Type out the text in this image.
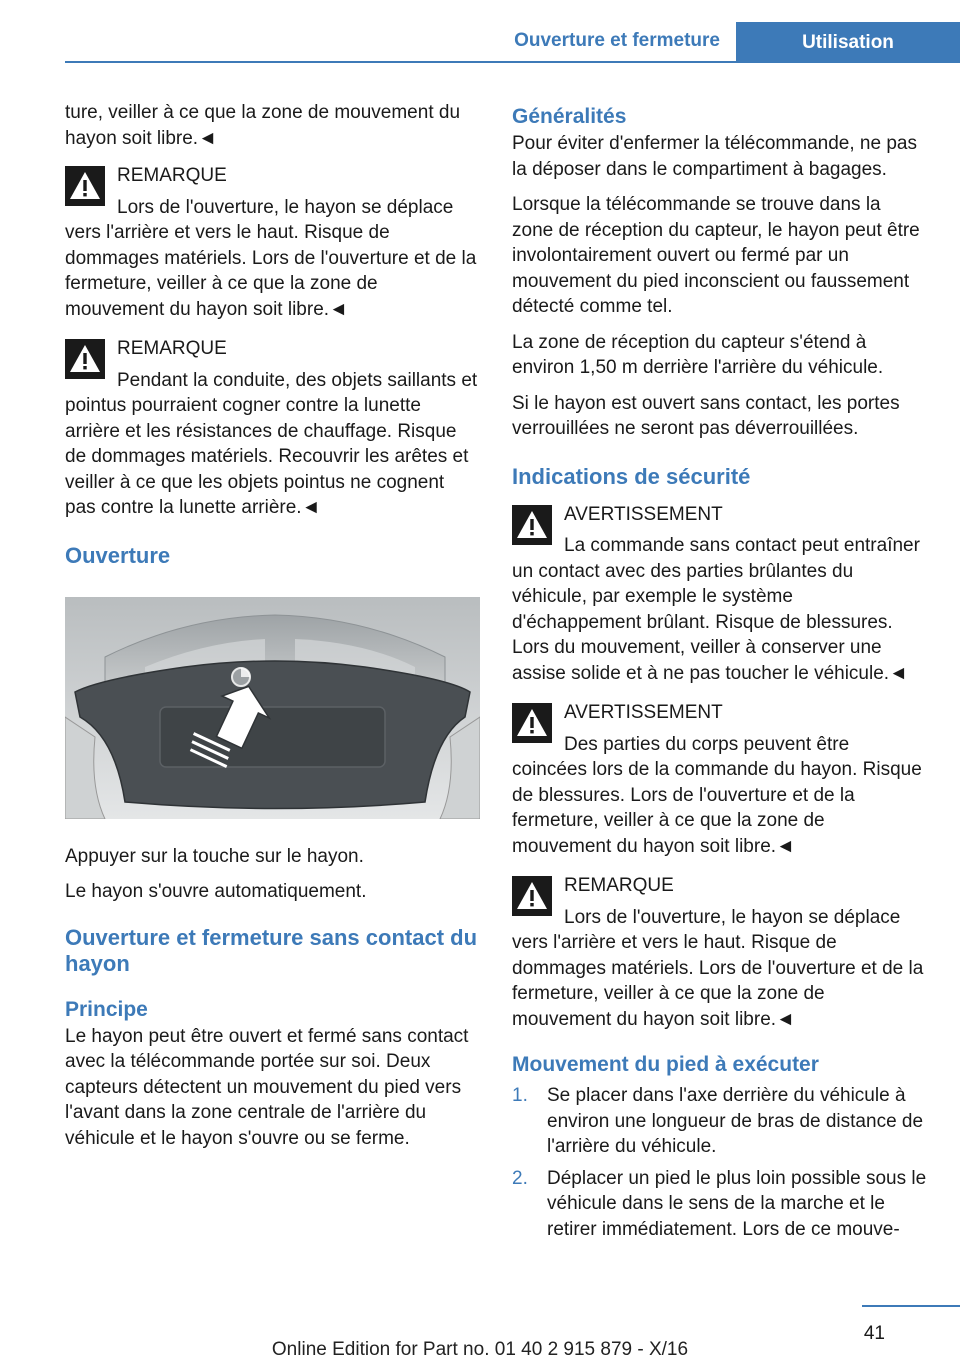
Ouverture et fermeture	Utilisation

ture, veiller à ce que la zone de mouvement du hayon soit libre.◄

REMARQUE
Lors de l'ouverture, le hayon se déplace vers l'arrière et vers le haut. Risque de dommages matériels. Lors de l'ouverture et de la fermeture, veiller à ce que la zone de mouvement du hayon soit libre.◄

REMARQUE
Pendant la conduite, des objets saillants et pointus pourraient cogner contre la lunette arrière et les résistances de chauffage. Risque de dommages matériels. Recouvrir les arêtes et veiller à ce que les objets pointus ne cognent pas contre la lunette arrière.◄

Ouverture

Appuyer sur la touche sur le hayon.

Le hayon s'ouvre automatiquement.

Ouverture et fermeture sans contact du hayon
Principe

Le hayon peut être ouvert et fermé sans contact avec la télécommande portée sur soi. Deux capteurs détectent un mouvement du pied vers l'avant dans la zone centrale de l'arrière du véhicule et le hayon s'ouvre ou se ferme.

Généralités

Pour éviter d'enfermer la télécommande, ne pas la déposer dans le compartiment à bagages.

Lorsque la télécommande se trouve dans la zone de réception du capteur, le hayon peut être involontairement ouvert ou fermé par un mouvement du pied inconscient ou faussement détecté comme tel.

La zone de réception du capteur s'étend à environ 1,50 m derrière l'arrière du véhicule.

Si le hayon est ouvert sans contact, les portes verrouillées ne seront pas déverrouillées.

Indications de sécurité

AVERTISSEMENT
La commande sans contact peut entraîner un contact avec des parties brûlantes du véhicule, par exemple le système d'échappement brûlant. Risque de blessures. Lors du mouvement, veiller à conserver une assise solide et à ne pas toucher le véhicule.◄

AVERTISSEMENT
Des parties du corps peuvent être coincées lors de la commande du hayon. Risque de blessures. Lors de l'ouverture et de la fermeture, veiller à ce que la zone de mouvement du hayon soit libre.◄

REMARQUE
Lors de l'ouverture, le hayon se déplace vers l'arrière et vers le haut. Risque de dommages matériels. Lors de l'ouverture et de la fermeture, veiller à ce que la zone de mouvement du hayon soit libre.◄

Mouvement du pied à exécuter
1. Se placer dans l'axe derrière du véhicule à environ une longueur de bras de distance de l'arrière du véhicule.
2. Déplacer un pied le plus loin possible sous le véhicule dans le sens de la marche et le retirer immédiatement. Lors de ce mouve-
41
Online Edition for Part no. 01 40 2 915 879 - X/16
